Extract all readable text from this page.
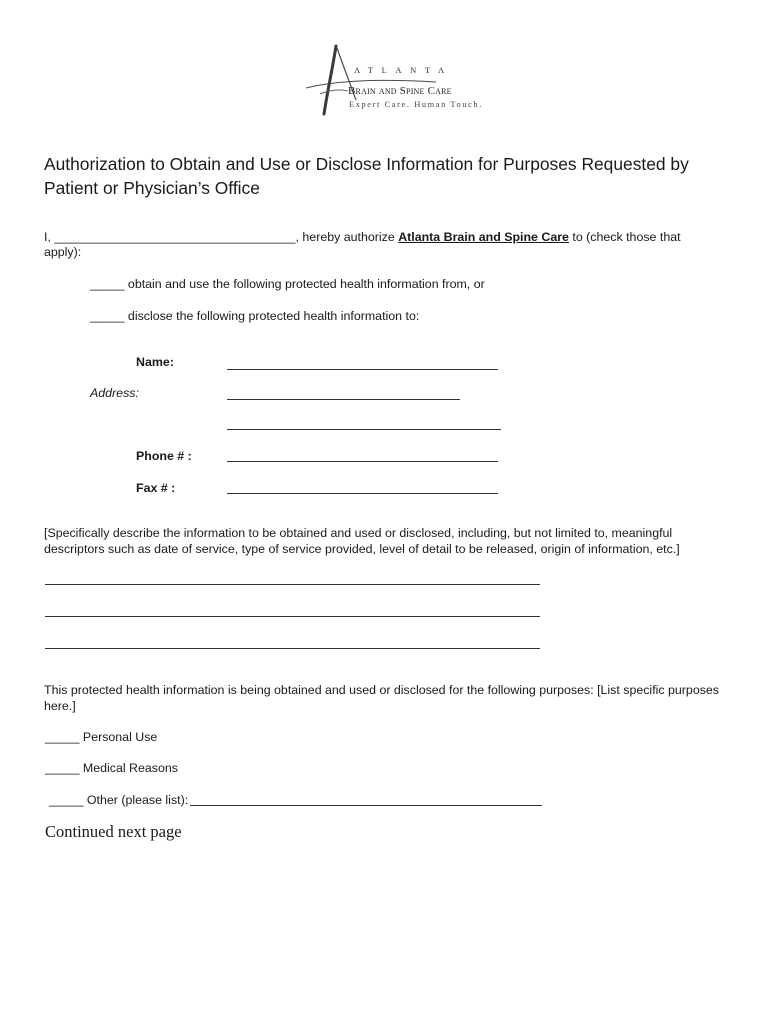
ATLANTA
Brain and Spine Care
Expert Care. Human Touch.
Authorization to Obtain and Use or Disclose Information for Purposes Requested by Patient or Physician’s Office
I, ___________________________________, hereby authorize Atlanta Brain and Spine Care to (check those that
apply):
_____ obtain and use the following protected health information from, or
_____ disclose the following protected health information to:
Name:
Address:
Phone # :
Fax # :
[Specifically describe the information to be obtained and used or disclosed, including, but not limited to, meaningful descriptors such as date of service, type of service provided, level of detail to be released, origin of information, etc.]
This protected health information is being obtained and used or disclosed for the following purposes: [List specific purposes here.]
_____ Personal Use
_____ Medical Reasons
_____ Other (please list):
Continued next page
